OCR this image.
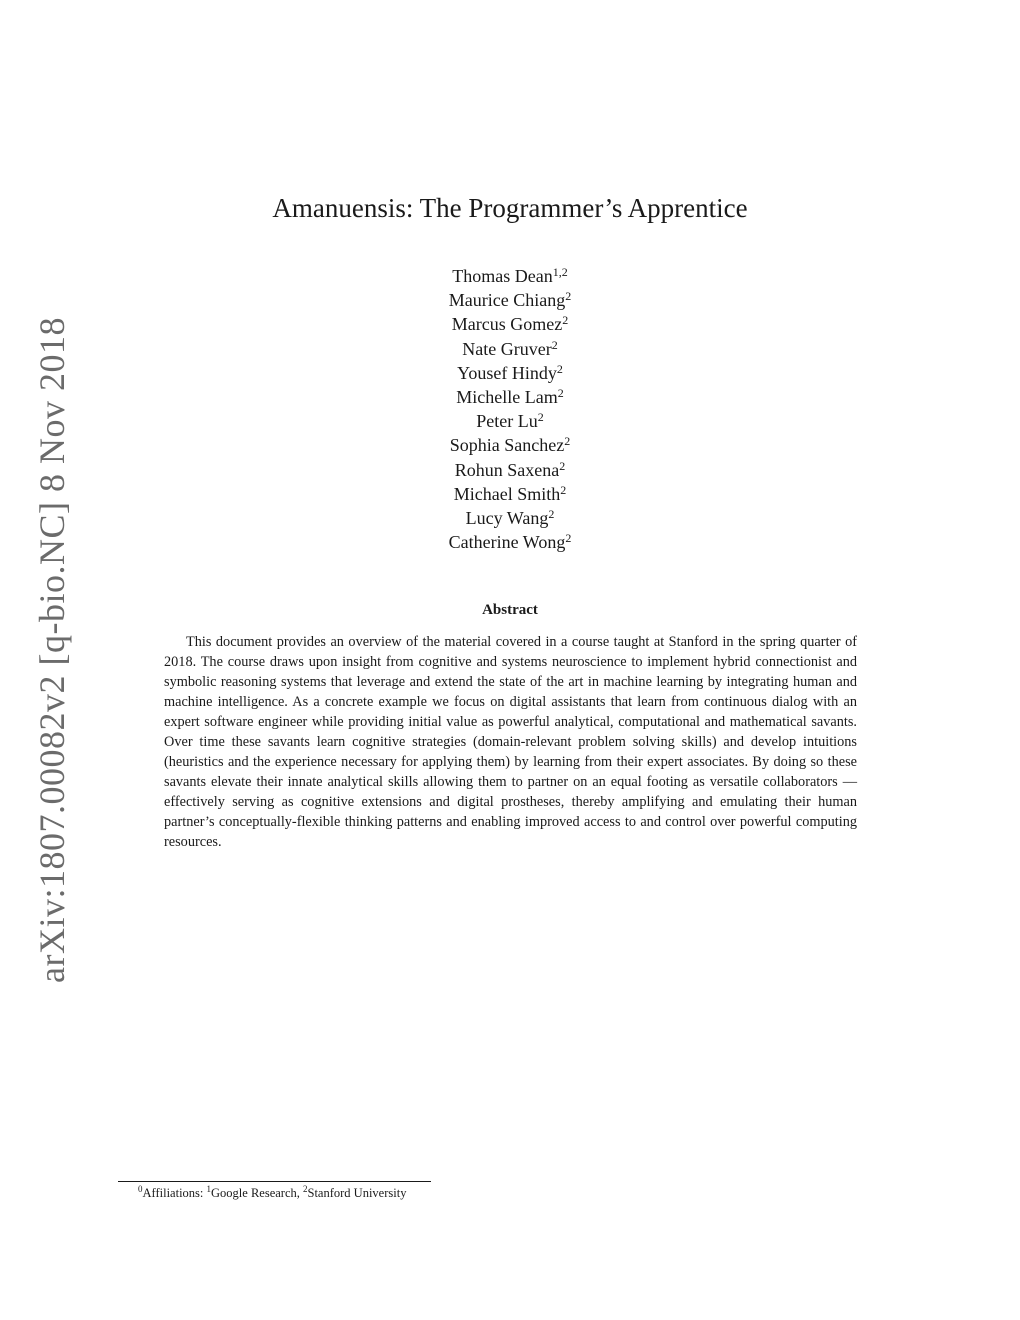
arXiv:1807.00082v2 [q-bio.NC] 8 Nov 2018
Amanuensis: The Programmer’s Apprentice
Thomas Dean$^{1,2}$
Maurice Chiang$^2$
Marcus Gomez$^2$
Nate Gruver$^2$
Yousef Hindy$^2$
Michelle Lam$^2$
Peter Lu$^2$
Sophia Sanchez$^2$
Rohun Saxena$^2$
Michael Smith$^2$
Lucy Wang$^2$
Catherine Wong$^2$
Abstract

This document provides an overview of the material covered in a course taught at Stanford in the spring quarter of 2018. The course draws upon insight from cognitive and systems neuroscience to implement hybrid connectionist and symbolic reasoning systems that leverage and extend the state of the art in machine learning by integrating human and machine intelligence. As a concrete example we focus on digital assistants that learn from continuous dialog with an expert software engineer while providing initial value as powerful analytical, computational and mathematical savants. Over time these savants learn cognitive strategies (domain-relevant problem solving skills) and develop intuitions (heuristics and the experience necessary for applying them) by learning from their expert associates. By doing so these savants elevate their innate analytical skills allowing them to partner on an equal footing as versatile collaborators — effectively serving as cognitive extensions and digital prostheses, thereby amplifying and emulating their human partner’s conceptually-flexible thinking patterns and enabling improved access to and control over powerful computing resources.

$^0$Affiliations: $^1$Google Research, $^2$Stanford University
